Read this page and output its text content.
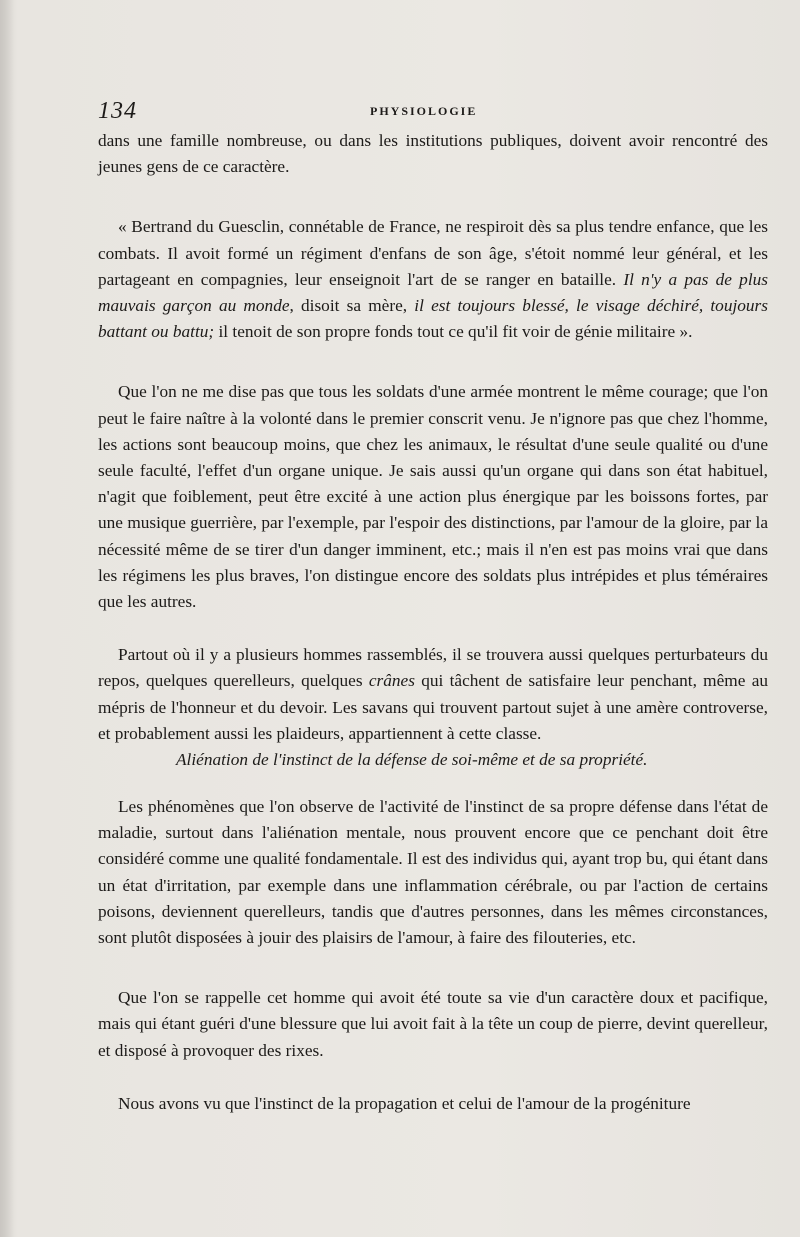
134	PHYSIOLOGIE

dans une famille nombreuse, ou dans les institutions publiques, doivent avoir rencontré des jeunes gens de ce caractère.

« Bertrand du Guesclin, connétable de France, ne respiroit dès sa plus tendre enfance, que les combats. Il avoit formé un régiment d'enfans de son âge, s'étoit nommé leur général, et les partageant en compagnies, leur enseignoit l'art de se ranger en bataille. Il n'y a pas de plus mauvais garçon au monde, disoit sa mère, il est toujours blessé, le visage déchiré, toujours battant ou battu; il tenoit de son propre fonds tout ce qu'il fit voir de génie militaire ».

Que l'on ne me dise pas que tous les soldats d'une armée montrent le même courage; que l'on peut le faire naître à la volonté dans le premier conscrit venu. Je n'ignore pas que chez l'homme, les actions sont beaucoup moins, que chez les animaux, le résultat d'une seule qualité ou d'une seule faculté, l'effet d'un organe unique. Je sais aussi qu'un organe qui dans son état habituel, n'agit que foiblement, peut être excité à une action plus énergique par les boissons fortes, par une musique guerrière, par l'exemple, par l'espoir des distinctions, par l'amour de la gloire, par la nécessité même de se tirer d'un danger imminent, etc.; mais il n'en est pas moins vrai que dans les régimens les plus braves, l'on distingue encore des soldats plus intrépides et plus téméraires que les autres.

Partout où il y a plusieurs hommes rassemblés, il se trouvera aussi quelques perturbateurs du repos, quelques querelleurs, quelques crânes qui tâchent de satisfaire leur penchant, même au mépris de l'honneur et du devoir. Les savans qui trouvent partout sujet à une amère controverse, et probablement aussi les plaideurs, appartiennent à cette classe.

Aliénation de l'instinct de la défense de soi-même et de sa propriété.

Les phénomènes que l'on observe de l'activité de l'instinct de sa propre défense dans l'état de maladie, surtout dans l'aliénation mentale, nous prouvent encore que ce penchant doit être considéré comme une qualité fondamentale. Il est des individus qui, ayant trop bu, qui étant dans un état d'irritation, par exemple dans une inflammation cérébrale, ou par l'action de certains poisons, deviennent querelleurs, tandis que d'autres personnes, dans les mêmes circonstances, sont plutôt disposées à jouir des plaisirs de l'amour, à faire des filouteries, etc.

Que l'on se rappelle cet homme qui avoit été toute sa vie d'un caractère doux et pacifique, mais qui étant guéri d'une blessure que lui avoit fait à la tête un coup de pierre, devint querelleur, et disposé à provoquer des rixes.

Nous avons vu que l'instinct de la propagation et celui de l'amour de la progéniture
